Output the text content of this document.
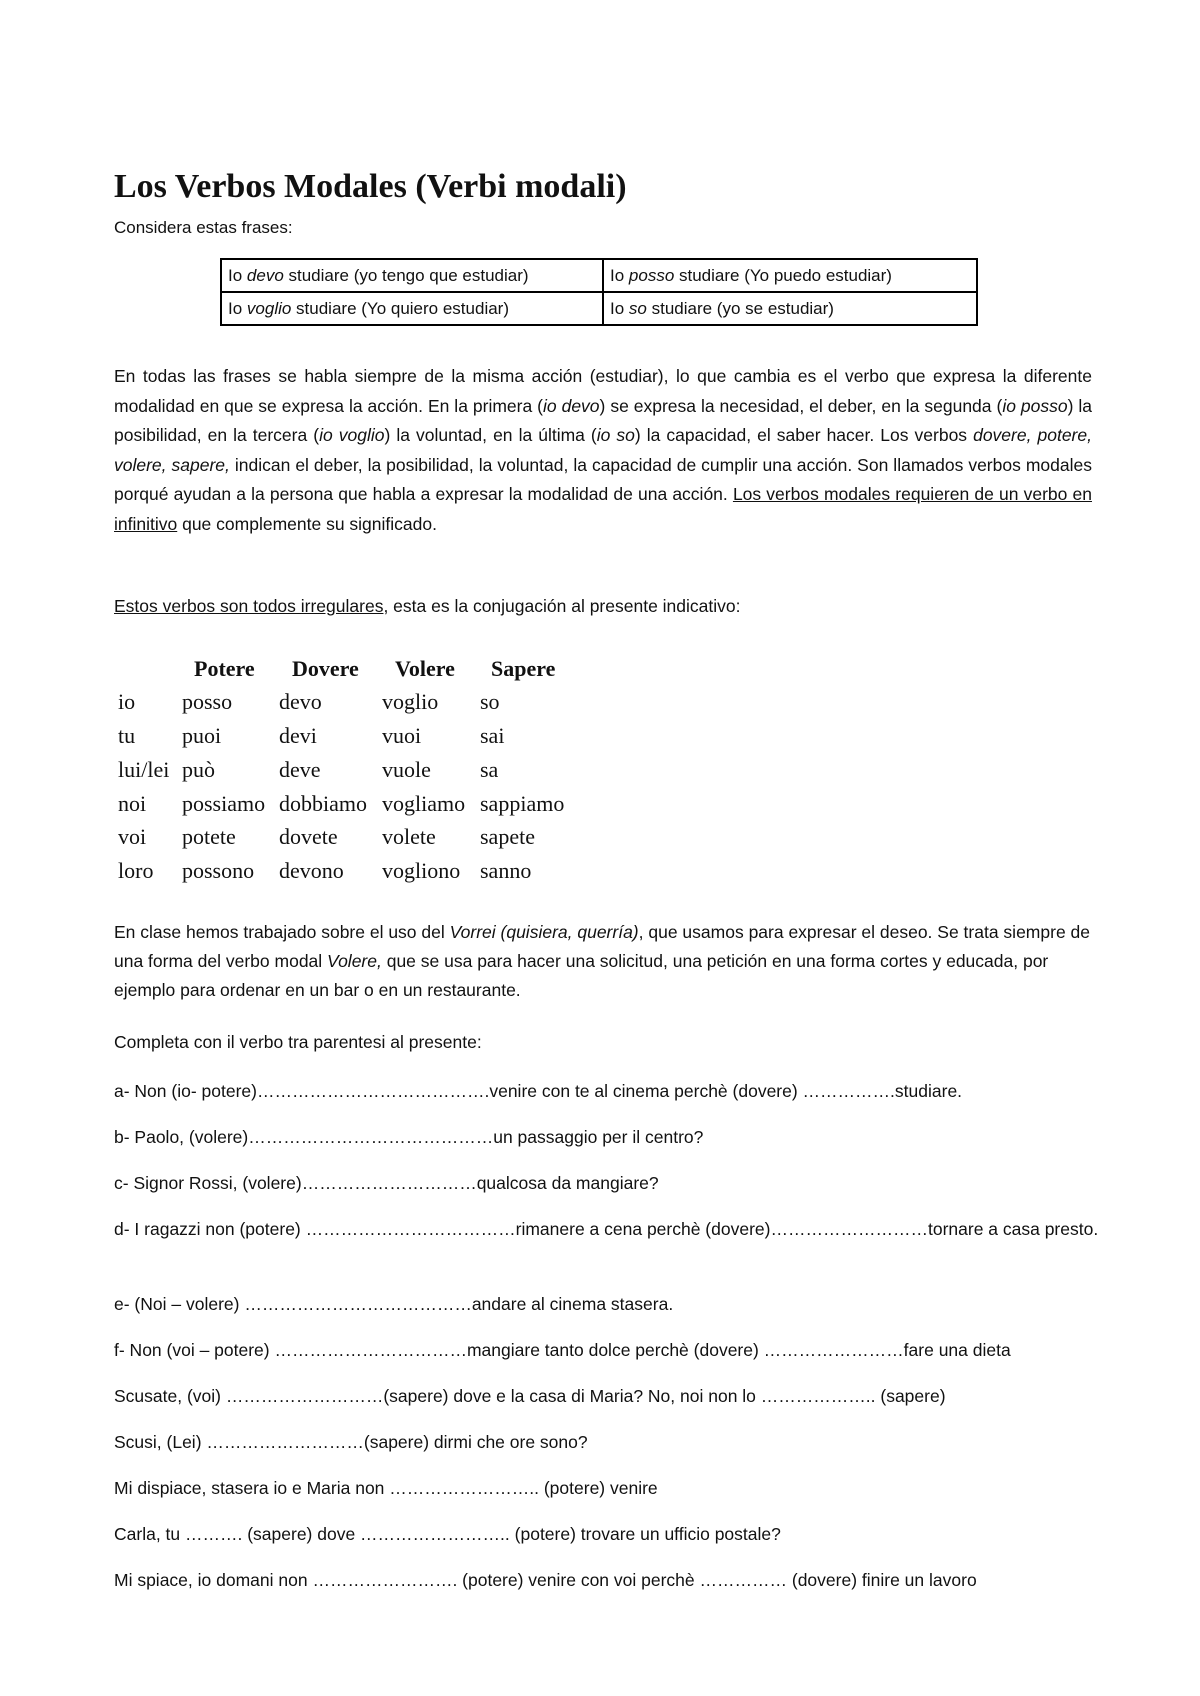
Los Verbos Modales (Verbi modali)
Considera estas frases:
Io devo studiare (yo tengo que estudiar)	Io posso studiare (Yo puedo estudiar)
Io voglio studiare (Yo quiero estudiar)	Io so studiare (yo se estudiar)
En todas las frases se habla siempre de la misma acción (estudiar), lo que cambia es el verbo que expresa la diferente modalidad en que se expresa la acción. En la primera (io devo) se expresa la necesidad, el deber, en la segunda (io posso) la posibilidad, en la tercera (io voglio) la voluntad, en la última (io so) la capacidad, el saber hacer. Los verbos dovere, potere, volere, sapere, indican el deber, la posibilidad, la voluntad, la capacidad de cumplir una acción. Son llamados verbos modales porqué ayudan a la persona que habla a expresar la modalidad de una acción. Los verbos modales requieren de un verbo en infinitivo que complemente su significado.
Estos verbos son todos irregulares, esta es la conjugación al presente indicativo:
Potere Dovere Volere Sapere
io posso devo	voglio so
tu puoi	devi	vuoi	sai
lui/lei può	deve	vuole sa
noi possiamo dobbiamo vogliamo sappiamo
voi potete dovete volete sapete
loro possono devono vogliono sanno
En clase hemos trabajado sobre el uso del Vorrei (quisiera, querría), que usamos para expresar el deseo. Se trata siempre de una forma del verbo modal Volere, que se usa para hacer una solicitud, una petición en una forma cortes y educada, por ejemplo para ordenar en un bar o en un restaurante.
Completa con il verbo tra parentesi al presente:
a- Non (io- potere)………………………………….venire con te al cinema perchè (dovere) …………….studiare.
b- Paolo, (volere)……………………………………un passaggio per il centro?
c- Signor Rossi, (volere)…………………………qualcosa da mangiare?
d- I ragazzi non (potere) ………………………………rimanere a cena perchè (dovere)………………………tornare a casa presto.
e- (Noi – volere) …………………………………andare al cinema stasera.
f- Non (voi – potere) ……………………………mangiare tanto dolce perchè (dovere) ……………………fare una dieta
Scusate, (voi) ………………………(sapere) dove e la casa di Maria? No, noi non lo ……………….. (sapere)
Scusi, (Lei) ………………………(sapere) dirmi che ore sono?
Mi dispiace, stasera io e Maria non …………………….. (potere) venire
Carla, tu ………. (sapere) dove …………………….. (potere) trovare un ufficio postale?
Mi spiace, io domani non ……………………. (potere) venire con voi perchè …………… (dovere) finire un lavoro
